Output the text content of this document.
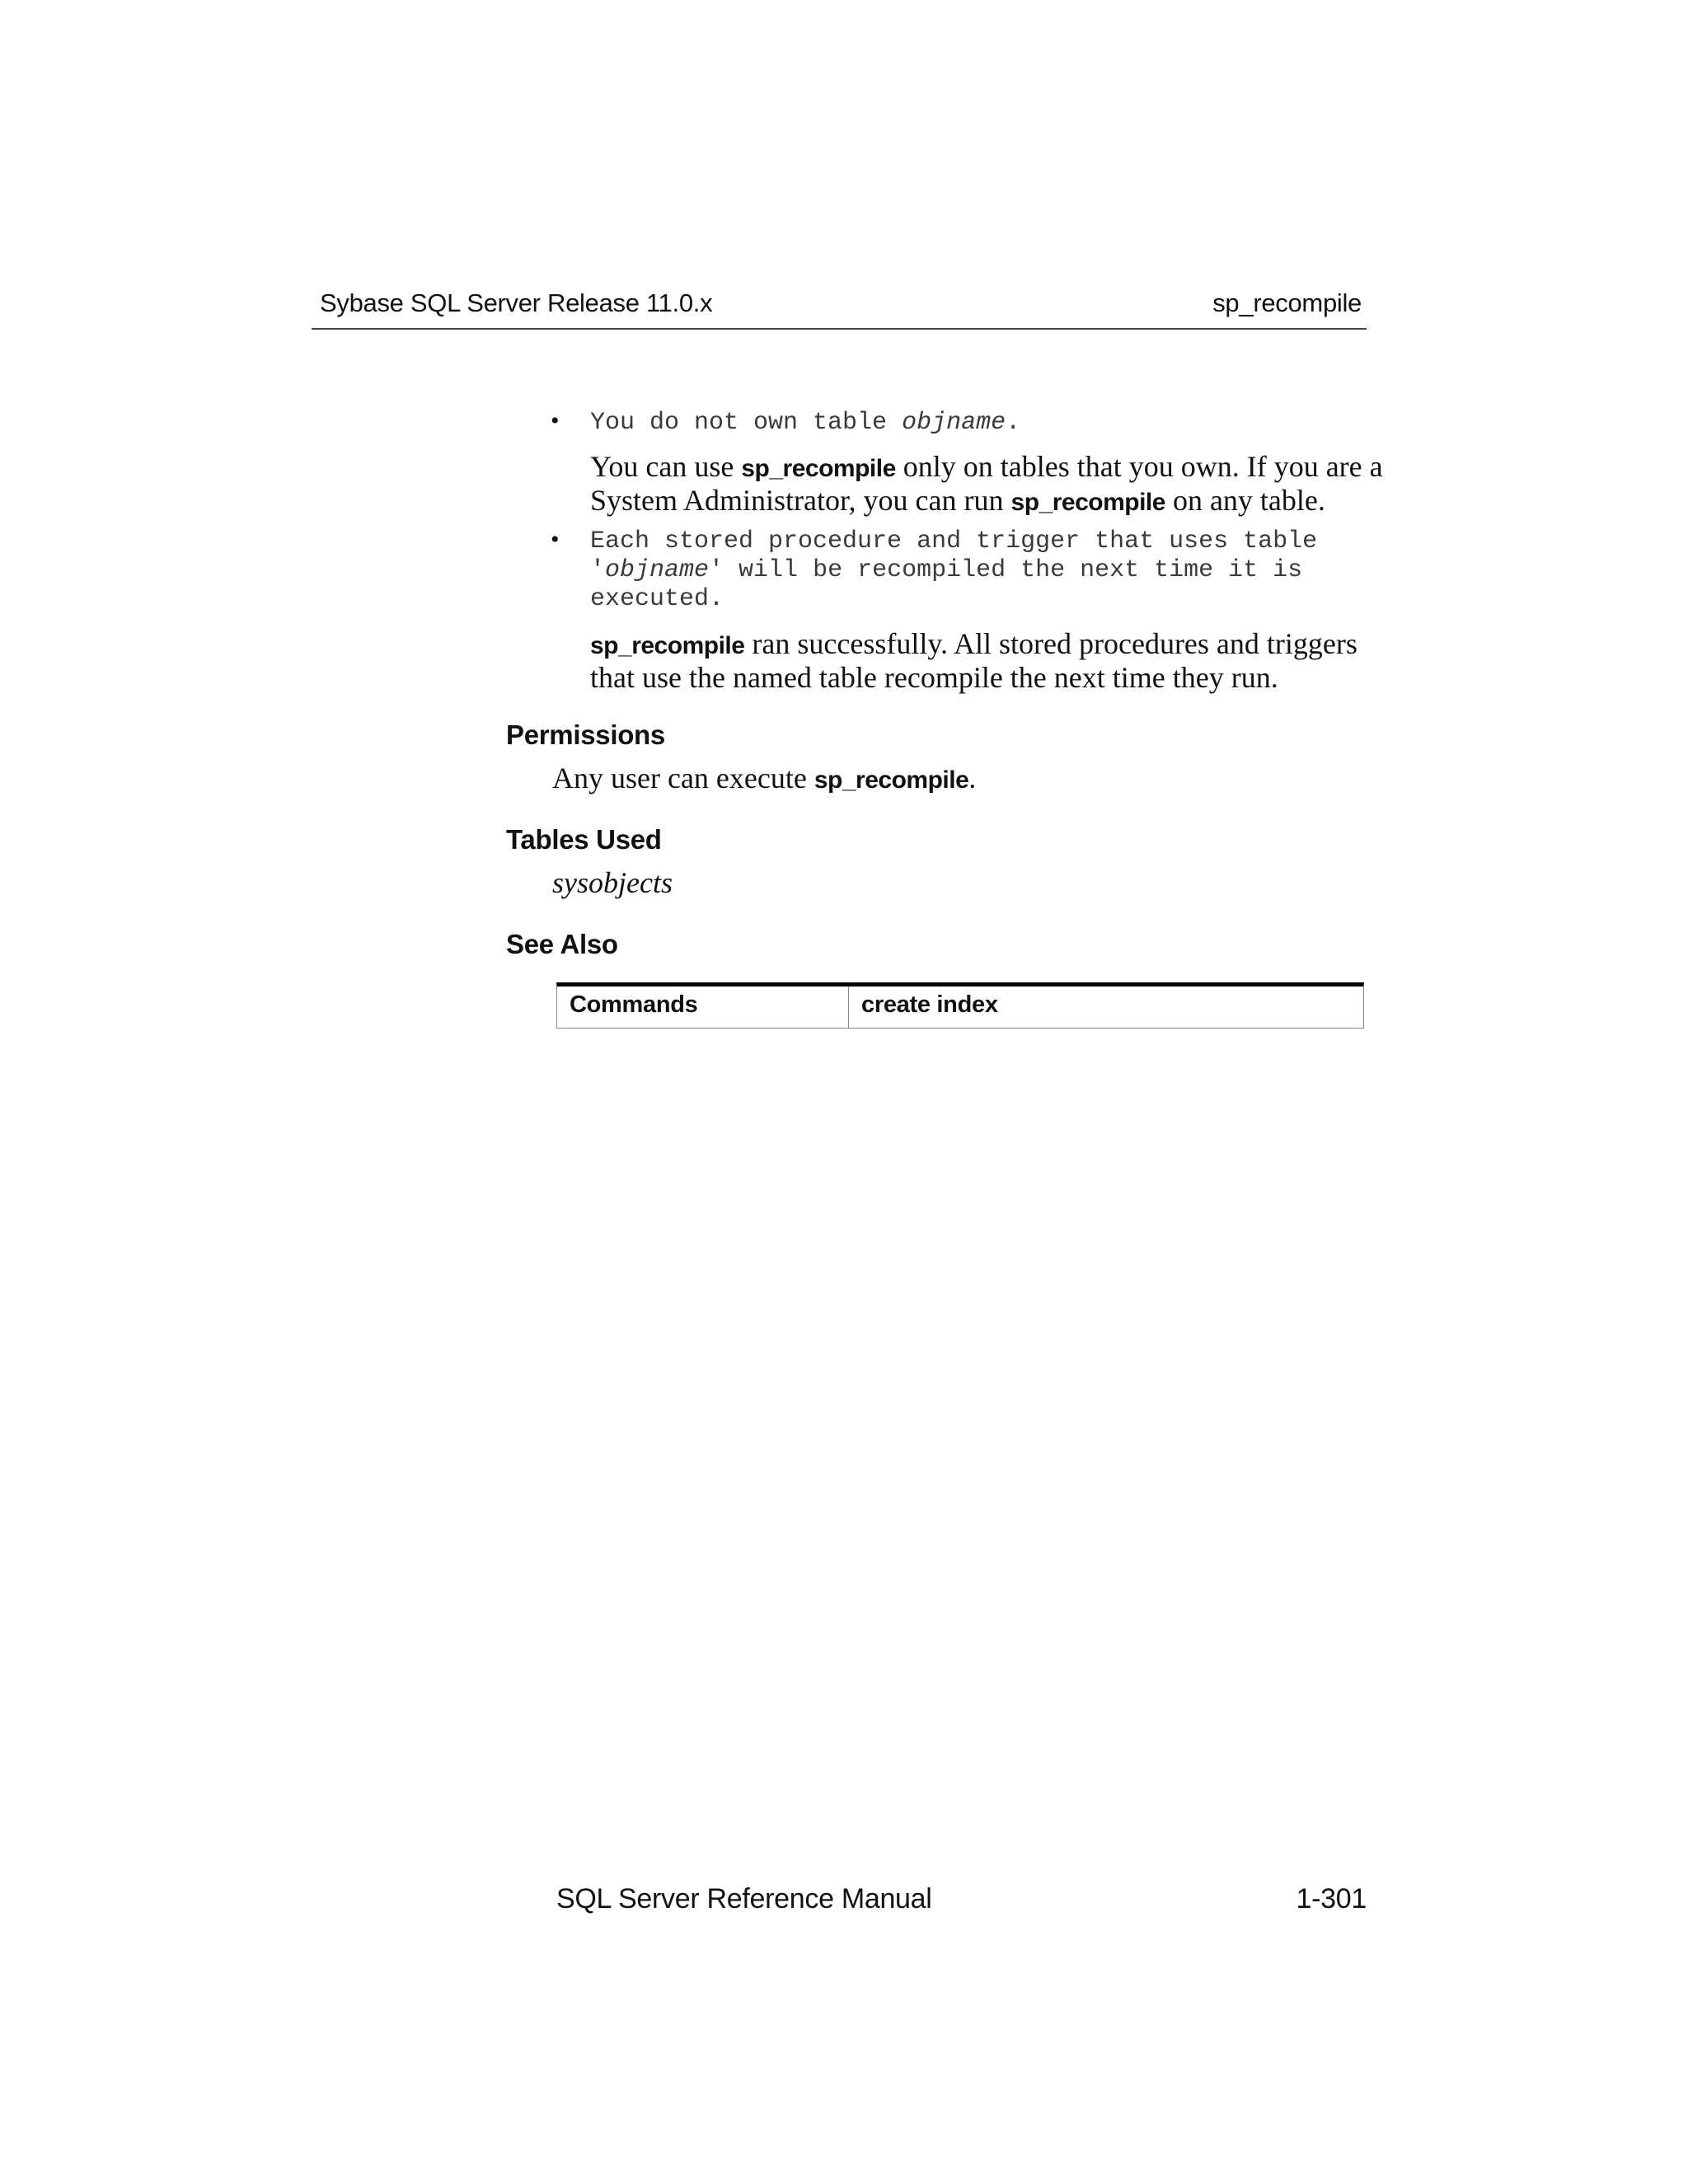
Sybase SQL Server Release 11.0.x	sp_recompile
• You do not own table objname.
You can use sp_recompile only on tables that you own. If you are a
System Administrator, you can run sp_recompile on any table.
• Each stored procedure and trigger that uses table
'objname' will be recompiled the next time it is
executed.
sp_recompile ran successfully. All stored procedures and triggers
that use the named table recompile the next time they run.
Permissions
Any user can execute sp_recompile.
Tables Used
sysobjects
See Also
Commands	create index
SQL Server Reference Manual	1-301
